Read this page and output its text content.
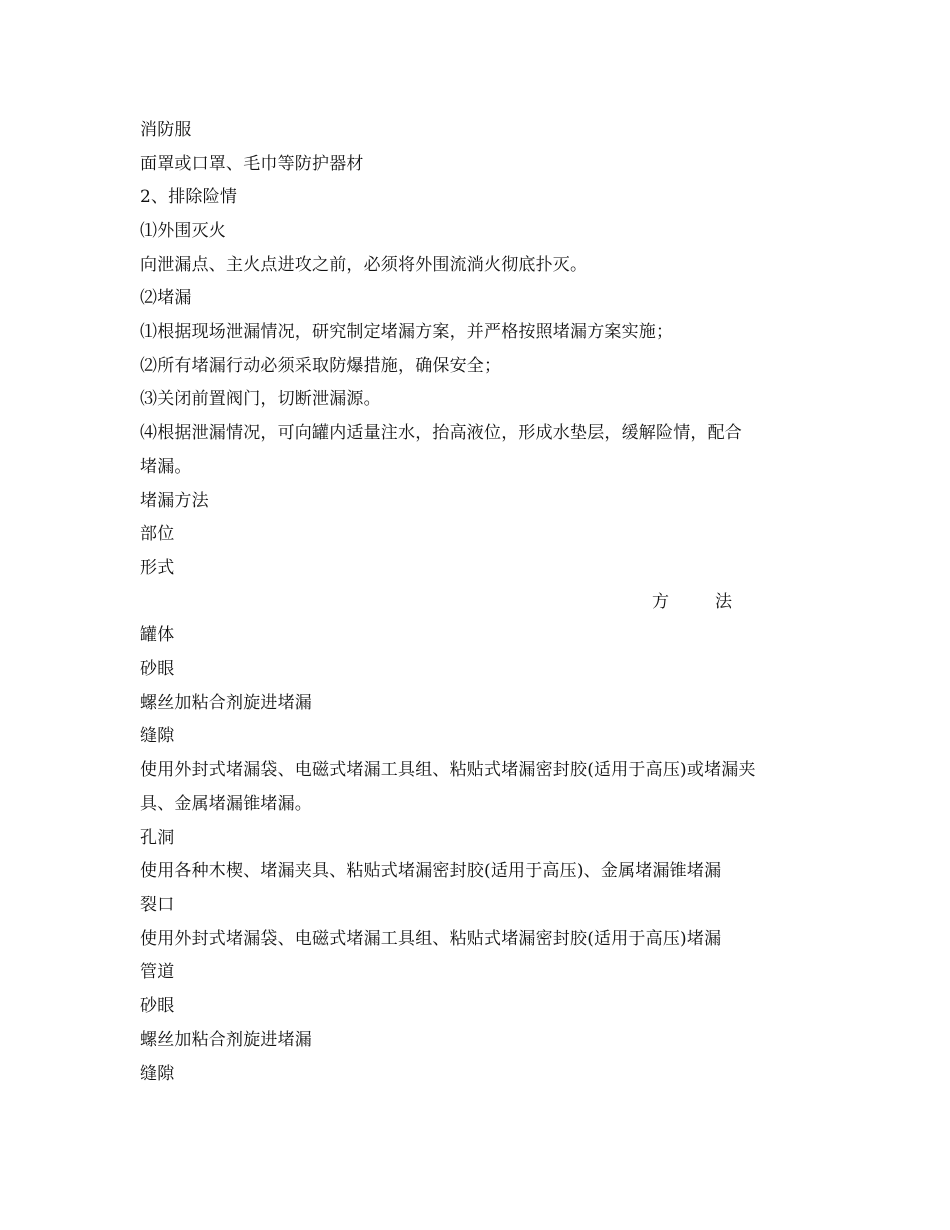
消防服
面罩或口罩、毛巾等防护器材
2、排除险情
⑴外围灭火
向泄漏点、主火点进攻之前，必须将外围流淌火彻底扑灭。
⑵堵漏
⑴根据现场泄漏情况，研究制定堵漏方案，并严格按照堵漏方案实施；
⑵所有堵漏行动必须采取防爆措施，确保安全；
⑶关闭前置阀门，切断泄漏源。
⑷根据泄漏情况，可向罐内适量注水，抬高液位，形成水垫层，缓解险情，配合
堵漏。
堵漏方法
部位
形式
方	法
罐体
砂眼
螺丝加粘合剂旋进堵漏
缝隙
使用外封式堵漏袋、电磁式堵漏工具组、粘贴式堵漏密封胶(适用于高压)或堵漏夹
具、金属堵漏锥堵漏。
孔洞
使用各种木楔、堵漏夹具、粘贴式堵漏密封胶(适用于高压)、金属堵漏锥堵漏
裂口
使用外封式堵漏袋、电磁式堵漏工具组、粘贴式堵漏密封胶(适用于高压)堵漏
管道
砂眼
螺丝加粘合剂旋进堵漏
缝隙
